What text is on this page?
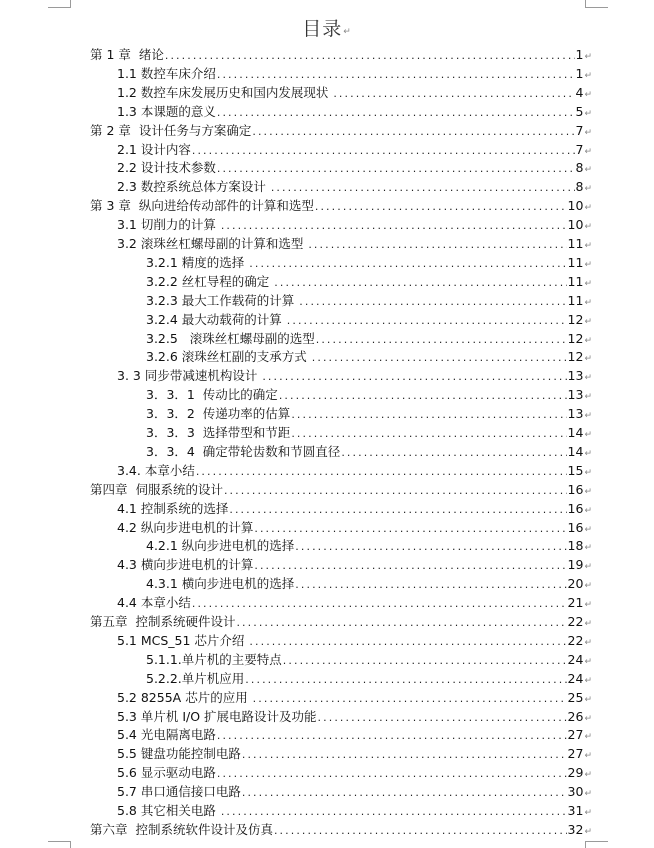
目录↵
第 1 章  绪论 .....	1 ↵
1.1 数控车床介绍 .....	1 ↵
1.2 数控车床发展历史和国内发展现状 .....	4 ↵
1.3 本课题的意义 .....	5 ↵
第 2 章  设计任务与方案确定 .....	7 ↵
2.1 设计内容 .....	7 ↵
2.2 设计技术参数 .....	8 ↵
2.3 数控系统总体方案设计 .....	8 ↵
第 3 章  纵向进给传动部件的计算和选型 .....	10 ↵
3.1 切削力的计算 .....	10 ↵
3.2 滚珠丝杠螺母副的计算和选型 .....	11 ↵
3.2.1 精度的选择 .....	11 ↵
3.2.2 丝杠导程的确定 .....	11 ↵
3.2.3 最大工作载荷的计算 .....	11 ↵
3.2.4 最大动载荷的计算 .....	12 ↵
3.2.5   滚珠丝杠螺母副的选型 .....	12 ↵
3.2.6 滚珠丝杠副的支承方式 .....	12 ↵
3. 3 同步带减速机构设计 .....	13 ↵
3．3．1  传动比的确定 .....	13 ↵
3．3．2  传递功率的估算 .....	13 ↵
3．3．3  选择带型和节距 .....	14 ↵
3．3．4  确定带轮齿数和节圆直径 .....	14 ↵
3.4. 本章小结 .....	15 ↵
第四章  伺服系统的设计 .....	16 ↵
4.1 控制系统的选择 .....	16 ↵
4.2 纵向步进电机的计算 .....	16 ↵
4.2.1 纵向步进电机的选择 .....	18 ↵
4.3 横向步进电机的计算 .....	19 ↵
4.3.1 横向步进电机的选择 .....	20 ↵
4.4 本章小结 .....	21 ↵
第五章  控制系统硬件设计 .....	22 ↵
5.1 MCS_51 芯片介绍 .....	22 ↵
5.1.1.单片机的主要特点 .....	24 ↵
5.2.2.单片机应用 .....	24 ↵
5.2 8255A 芯片的应用 .....	25 ↵
5.3 单片机 I/O 扩展电路设计及功能 .....	26 ↵
5.4 光电隔离电路 .....	27 ↵
5.5 键盘功能控制电路 .....	27 ↵
5.6 显示驱动电路 .....	29 ↵
5.7 串口通信接口电路 .....	30 ↵
5.8 其它相关电路 .....	31 ↵
第六章  控制系统软件设计及仿真 .....	32 ↵
